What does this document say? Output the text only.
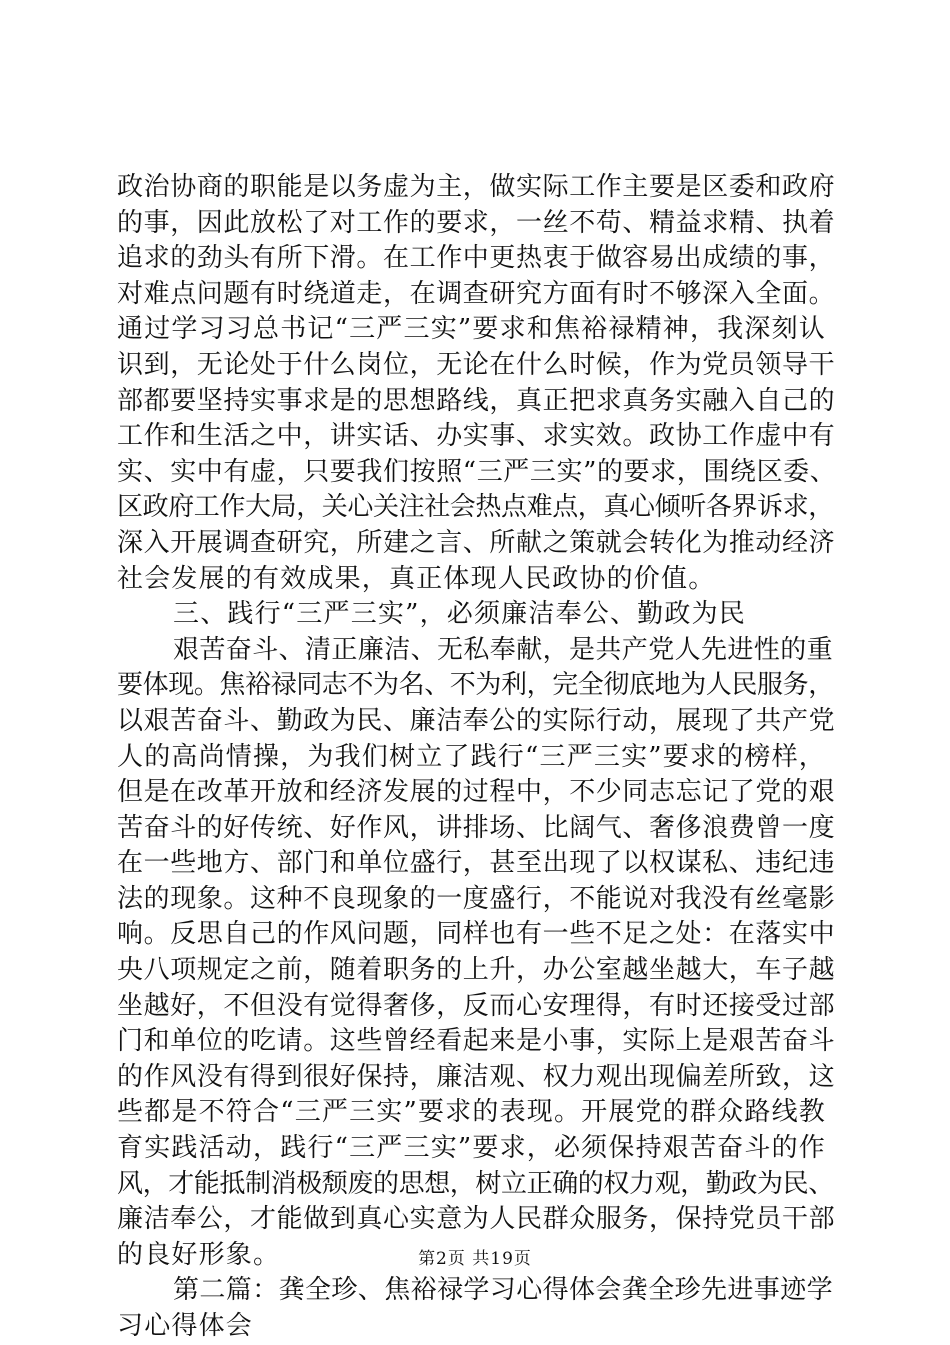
政治协商的职能是以务虚为主，做实际工作主要是区委和政府
的事，因此放松了对工作的要求，一丝不苟、精益求精、执着
追求的劲头有所下滑。在工作中更热衷于做容易出成绩的事，
对难点问题有时绕道走，在调查研究方面有时不够深入全面。
通过学习习总书记“三严三实”要求和焦裕禄精神，我深刻认
识到，无论处于什么岗位，无论在什么时候，作为党员领导干
部都要坚持实事求是的思想路线，真正把求真务实融入自己的
工作和生活之中，讲实话、办实事、求实效。政协工作虚中有
实、实中有虚，只要我们按照“三严三实”的要求，围绕区委、
区政府工作大局，关心关注社会热点难点，真心倾听各界诉求，
深入开展调查研究，所建之言、所献之策就会转化为推动经济
社会发展的有效成果，真正体现人民政协的价值。
三、践行“三严三实”，必须廉洁奉公、勤政为民
艰苦奋斗、清正廉洁、无私奉献，是共产党人先进性的重
要体现。焦裕禄同志不为名、不为利，完全彻底地为人民服务，
以艰苦奋斗、勤政为民、廉洁奉公的实际行动，展现了共产党
人的高尚情操，为我们树立了践行“三严三实”要求的榜样，
但是在改革开放和经济发展的过程中，不少同志忘记了党的艰
苦奋斗的好传统、好作风，讲排场、比阔气、奢侈浪费曾一度
在一些地方、部门和单位盛行，甚至出现了以权谋私、违纪违
法的现象。这种不良现象的一度盛行，不能说对我没有丝毫影
响。反思自己的作风问题，同样也有一些不足之处：在落实中
央八项规定之前，随着职务的上升，办公室越坐越大，车子越
坐越好，不但没有觉得奢侈，反而心安理得，有时还接受过部
门和单位的吃请。这些曾经看起来是小事，实际上是艰苦奋斗
的作风没有得到很好保持，廉洁观、权力观出现偏差所致，这
些都是不符合“三严三实”要求的表现。开展党的群众路线教
育实践活动，践行“三严三实”要求，必须保持艰苦奋斗的作
风，才能抵制消极颓废的思想，树立正确的权力观，勤政为民、
廉洁奉公，才能做到真心实意为人民群众服务，保持党员干部
的良好形象。
第二篇：龚全珍、焦裕禄学习心得体会龚全珍先进事迹学
习心得体会
第2页 共19页
